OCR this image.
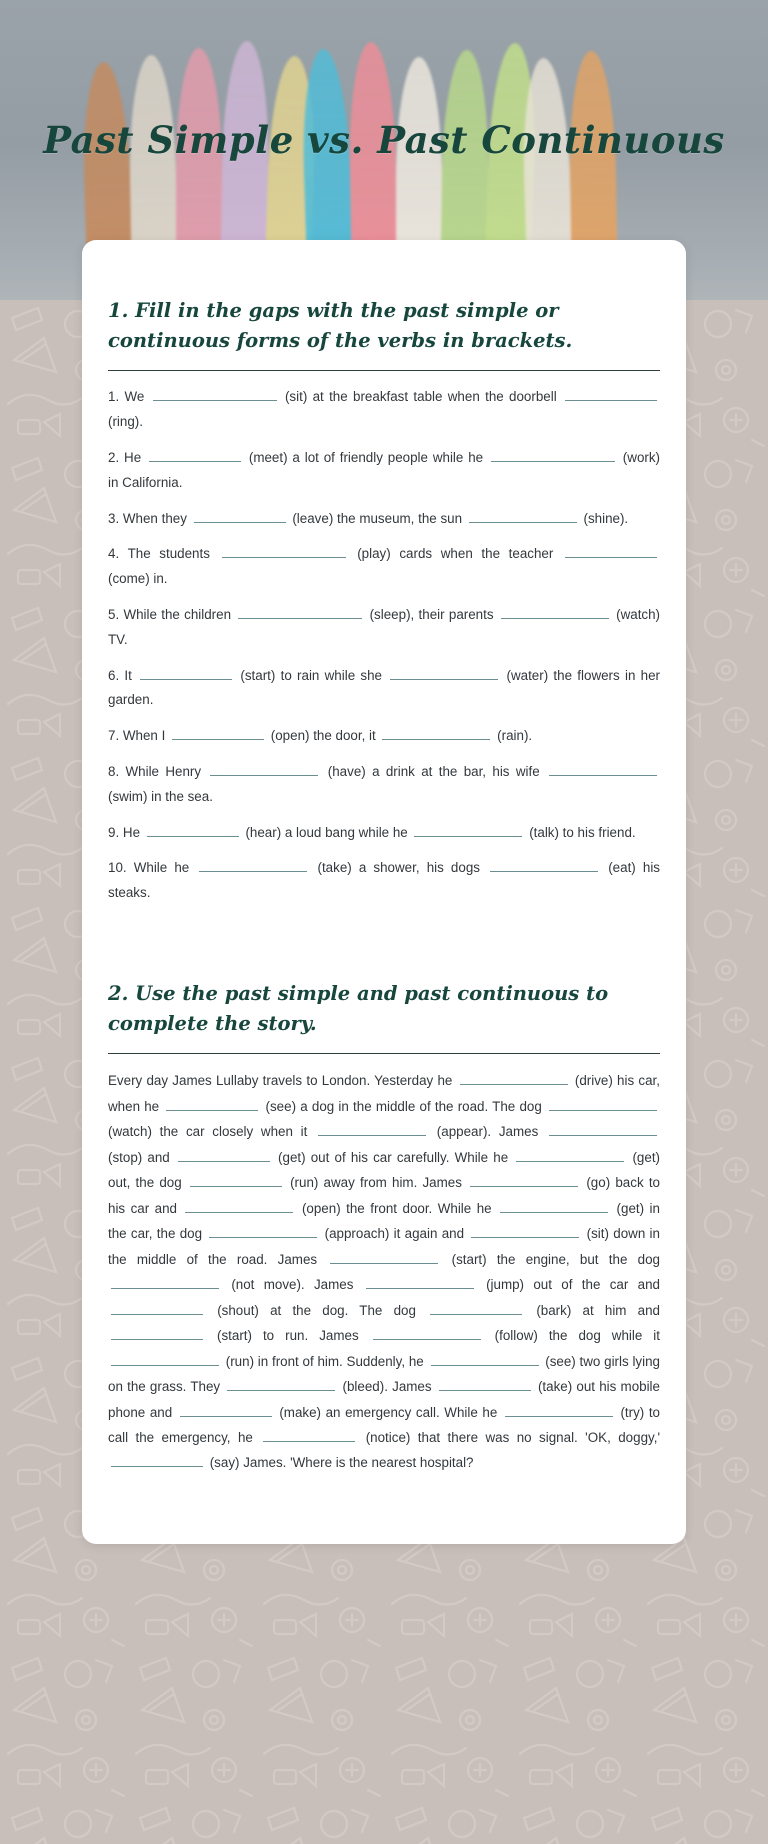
Past Simple vs. Past Continuous
1. Fill in the gaps with the past simple or continuous forms of the verbs in brackets.
1. We	(sit) at the breakfast table when the doorbell  (ring).
2. He	(meet) a lot of friendly people while he	(work) in California.
3. When they	(leave) the museum, the sun	(shine).
4. The students	(play) cards when the teacher  (come) in.
5. While the children	(sleep), their parents	(watch) TV.
6. It	(start) to rain while she	(water) the flowers in her garden.
7. When I	(open) the door, it	(rain).
8. While Henry	(have) a drink at the bar, his wife  (swim) in the sea.
9. He	(hear) a loud bang while he	(talk) to his friend.
10. While he	(take) a shower, his dogs	(eat) his steaks.
2. Use the past simple and past continuous to complete the story.

Every day James Lullaby travels to London. Yesterday he	(drive) his car, when he	(see) a dog in the middle of the road. The dog  (watch) the car closely when it	(appear). James  (stop) and	(get) out of his car carefully. While he	(get) out, the dog	(run) away from him. James	(go) back to his car and	(open) the front door. While he	(get) in the car, the dog	(approach) it again and	(sit) down in the middle of the road. James	(start) the engine, but the dog  (not move). James	(jump) out of the car and  (shout) at the dog. The dog	(bark) at him and  (start) to run. James	(follow) the dog while it  (run) in front of him. Suddenly, he	(see) two girls lying on the grass. They	(bleed). James	(take) out his mobile phone and	(make) an emergency call. While he	(try) to call the emergency, he	(notice) that there was no signal. 'OK, doggy,'  (say) James. 'Where is the nearest hospital?
